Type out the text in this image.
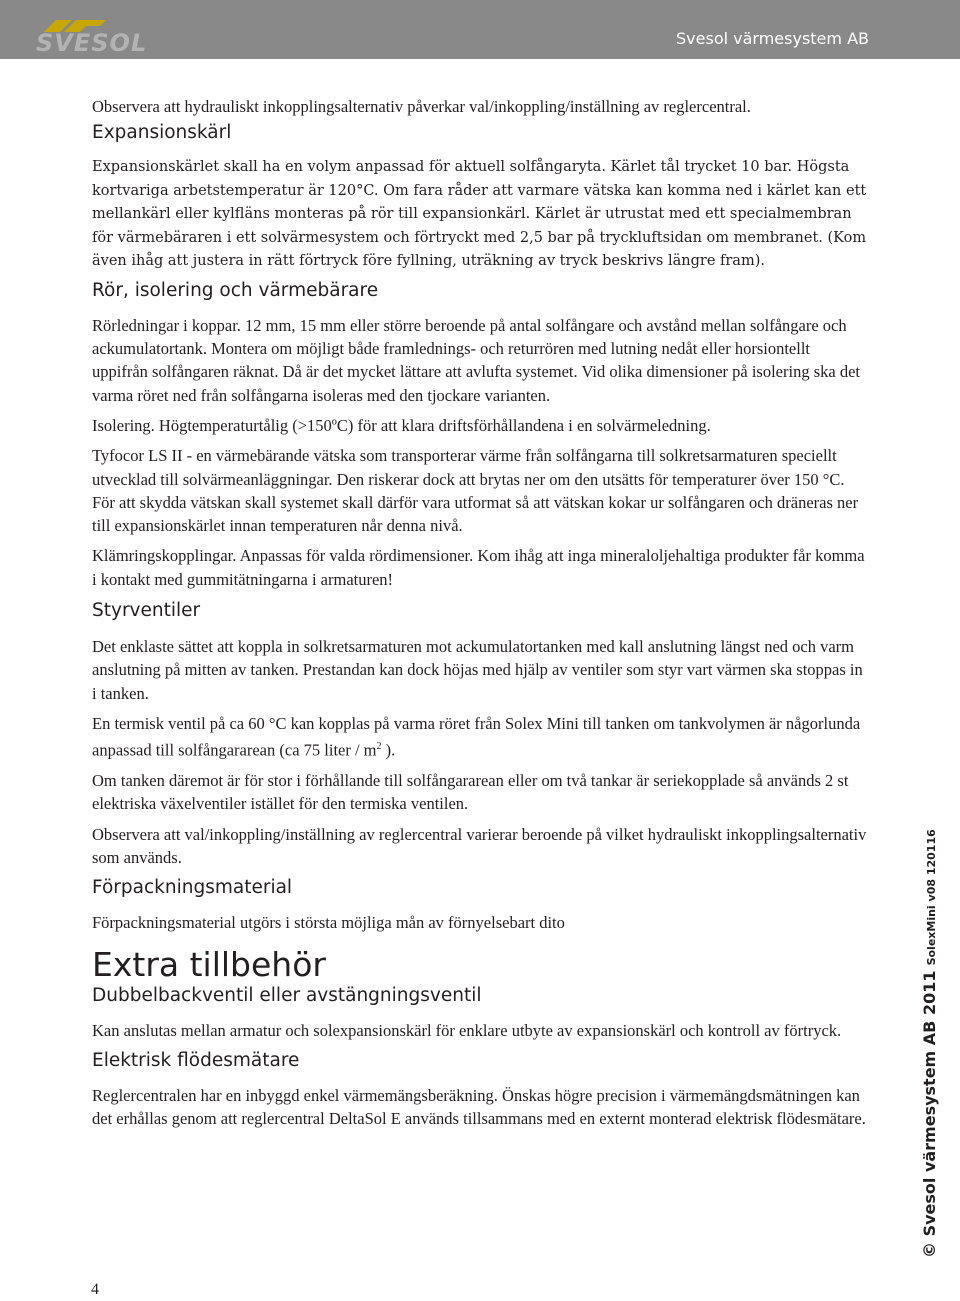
SVESOL	Svesol värmesystem AB

Observera att hydrauliskt inkopplingsalternativ påverkar val/inkoppling/inställning av reglercentral.

Expansionskärl

Expansionskärlet skall ha en volym anpassad för aktuell solfångaryta. Kärlet tål trycket 10 bar. Högsta kortvariga arbetstemperatur är 120°C. Om fara råder att varmare vätska kan komma ned i kärlet kan ett mellankärl eller kylfläns monteras på rör till expansionkärl. Kärlet är utrustat med ett specialmembran för värmebäraren i ett solvärmesystem och förtryckt med 2,5 bar på tryckluftsidan om membranet. (Kom även ihåg att justera in rätt förtryck före fyllning, uträkning av tryck beskrivs längre fram).

Rör, isolering och värmebärare

Rörledningar i koppar. 12 mm, 15 mm eller större beroende på antal solfångare och avstånd mellan solfångare och ackumulatortank. Montera om möjligt både framlednings- och returrören med lutning nedåt eller horsiontellt uppifrån solfångaren räknat. Då är det mycket lättare att avlufta systemet. Vid olika dimensioner på isolering ska det varma röret ned från solfångarna isoleras med den tjockare varianten.

Isolering. Högtemperaturtålig (>150ºC) för att klara driftsförhållandena i en solvärmeledning.

Tyfocor LS II - en värmebärande vätska som transporterar värme från solfångarna till solkretsarmaturen speciellt utvecklad till solvärmeanläggningar. Den riskerar dock att brytas ner om den utsätts för temperaturer över 150 °C. För att skydda vätskan skall systemet skall därför vara utformat så att vätskan kokar ur solfångaren och dräneras ner till expansionskärlet innan temperaturen når denna nivå.

Klämringskopplingar. Anpassas för valda rördimensioner. Kom ihåg att inga mineraloljehaltiga produkter får komma i kontakt med gummitätningarna i armaturen!

Styrventiler

Det enklaste sättet att koppla in solkretsarmaturen mot ackumulatortanken med kall anslutning längst ned och varm anslutning på mitten av tanken. Prestandan kan dock höjas med hjälp av ventiler som styr vart värmen ska stoppas in i tanken.

En termisk ventil på ca 60 °C kan kopplas på varma röret från Solex Mini till tanken om tankvolymen är någorlunda anpassad till solfångararean (ca 75 liter / $m^2$ ).

Om tanken däremot är för stor i förhållande till solfångararean eller om två tankar är seriekopplade så används 2 st elektriska växelventiler istället för den termiska ventilen.

Observera att val/inkoppling/inställning av reglercentral varierar beroende på vilket hydrauliskt inkopplingsalternativ som används.

Förpackningsmaterial

Förpackningsmaterial utgörs i största möjliga mån av förnyelsebart dito

Extra tillbehör
Dubbelbackventil eller avstängningsventil

Kan anslutas mellan armatur och solexpansionskärl för enklare utbyte av expansionskärl och kontroll av förtryck.

Elektrisk flödesmätare

Reglercentralen har en inbyggd enkel värmemängsberäkning. Önskas högre precision i värmemängdsmätningen kan det erhållas genom att reglercentral DeltaSol E används tillsammans med en externt monterad elektrisk flödesmätare.

4
© Svesol värmesystem AB 2011 SolexMini v08 120116
